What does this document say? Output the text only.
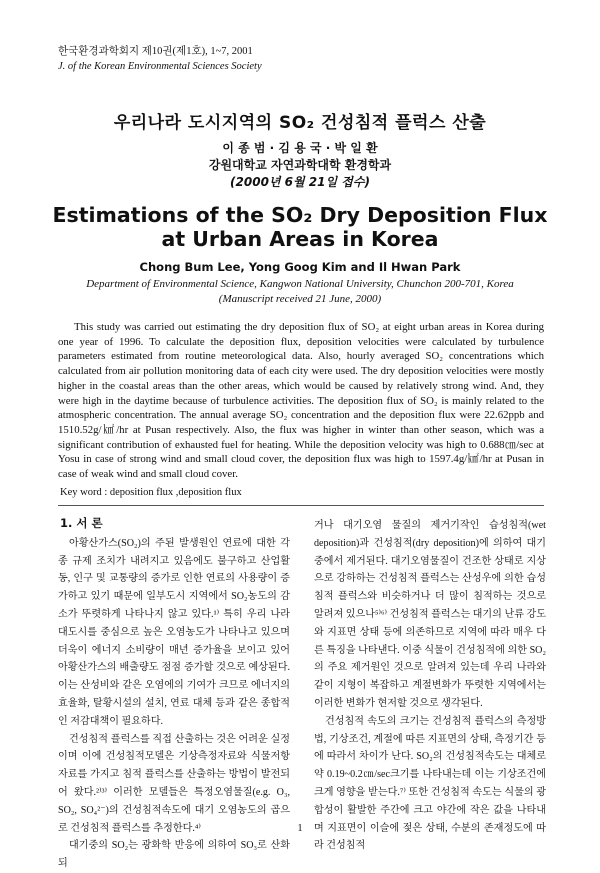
한국환경과학회지 제10권(제1호), 1~7, 2001
J. of the Korean Environmental Sciences Society
우리나라 도시지역의 SO₂ 건성침적 플럭스 산출
이 종 범 · 김 용 국 · 박 일 환
강원대학교 자연과학대학 환경학과
(2000년 6월 21일 접수)
Estimations of the SO₂ Dry Deposition Flux at Urban Areas in Korea
Chong Bum Lee, Yong Goog Kim and Il Hwan Park
Department of Environmental Science, Kangwon National University, Chunchon 200-701, Korea
(Manuscript received 21 June, 2000)

This study was carried out estimating the dry deposition flux of SO₂ at eight urban areas in Korea during one year of 1996. To calculate the deposition flux, deposition velocities were calculated by turbulence parameters estimated from routine meteorological data. Also, hourly averaged SO₂ concentrations which calculated from air pollution monitoring data of each city were used. The dry deposition velocities were mostly higher in the coastal areas than the other areas, which would be caused by relatively strong wind. And, they were high in the daytime because of turbulence activities. The deposition flux of SO₂ is mainly related to the atmospheric concentration. The annual average SO₂ concentration and the deposition flux were 22.62ppb and 1510.52g/㎢/hr at Pusan respectively. Also, the flux was higher in winter than other season, which was a significant contribution of exhausted fuel for heating. While the deposition velocity was high to 0.688㎝/sec at Yosu in case of strong wind and small cloud cover, the deposition flux was high to 1597.4g/㎢/hr at Pusan in case of weak wind and small cloud cover.

Key word : deposition flux ,deposition flux

1. 서 론

아황산가스(SO₂)의 주된 발생원인 연료에 대한 각종 규제 조치가 내려지고 있음에도 불구하고 산업활동, 인구 및 교통량의 증가로 인한 연료의 사용량이 증가하고 있기 때문에 일부도시 지역에서 SO₂농도의 감소가 뚜렷하게 나타나지 않고 있다.¹⁾ 특히 우리 나라 대도시를 중심으로 높은 오염농도가 나타나고 있으며 더욱이 에너지 소비량이 매년 증가율을 보이고 있어 아황산가스의 배출량도 점점 증가할 것으로 예상된다. 이는 산성비와 같은 오염에의 기여가 크므로 에너지의 효율화, 탈황시설의 설치, 연료 대체 등과 같은 종합적인 저감대책이 필요하다.

건성침적 플럭스를 직접 산출하는 것은 어려운 실정이며 이에 건성침적모델은 기상측정자료와 식물저항자료를 가지고 침적 플럭스를 산출하는 방법이 발전되어 왔다.²⁾³⁾ 이러한 모델들은 특정오염물질(e.g. O₃, SO₂, SO₄²⁻)의 건성침적속도에 대기 오염농도의 곱으로 건성침적 플럭스를 추정한다.⁴⁾

대기중의 SO₂는 광화학 반응에 의하여 SO₃로 산화되

거나 대기오염 물질의 제거기작인 습성침적(wet deposition)과 건성침적(dry deposition)에 의하여 대기 중에서 제거된다. 대기오염물질이 건조한 상태로 지상으로 강하하는 건성침적 플럭스는 산성우에 의한 습성침적 플럭스와 비슷하거나 더 많이 침적하는 것으로 알려져 있으나⁵⁾⁶⁾ 건성침적 플럭스는 대기의 난류 강도와 지표면 상태 등에 의존하므로 지역에 따라 매우 다른 특징을 나타낸다. 이중 식물이 건성침적에 의한 SO₂의 주요 제거원인 것으로 알려져 있는데 우리 나라와 같이 지형이 복잡하고 계절변화가 뚜렷한 지역에서는 이러한 변화가 현저할 것으로 생각된다.

건성침적 속도의 크기는 건성침적 플럭스의 측정방법, 기상조건, 계절에 따른 지표면의 상태, 측정기간 등에 따라서 차이가 난다. SO₂의 건성침적속도는 대체로 약 0.19~0.2㎝/sec크기를 나타내는데 이는 기상조건에 크게 영향을 받는다.⁷⁾ 또한 건성침적 속도는 식물의 광합성이 활발한 주간에 크고 야간에 작은 값을 나타내며 지표면이 이슬에 젖은 상태, 수분의 존재정도에 따라 건성침적

1
